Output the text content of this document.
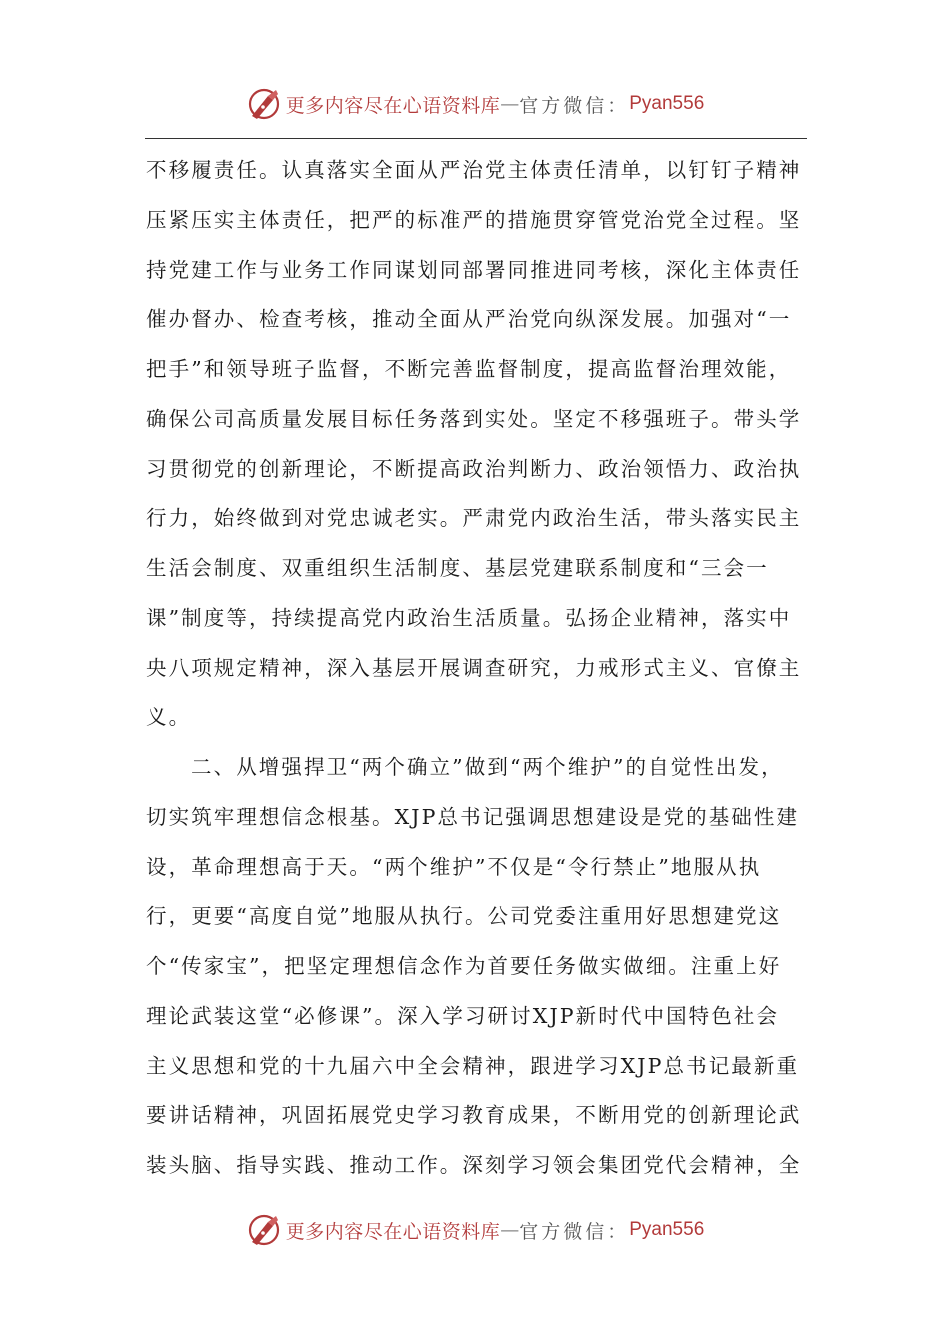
更多内容尽在心语资料库 — 官方微信： Pyan556
不移履责任。认真落实全面从严治党主体责任清单，以钉钉子精神
压紧压实主体责任，把严的标准严的措施贯穿管党治党全过程。坚
持党建工作与业务工作同谋划同部署同推进同考核，深化主体责任
催办督办、检查考核，推动全面从严治党向纵深发展。加强对“一
把手”和领导班子监督，不断完善监督制度，提高监督治理效能，
确保公司高质量发展目标任务落到实处。坚定不移强班子。带头学
习贯彻党的创新理论，不断提高政治判断力、政治领悟力、政治执
行力，始终做到对党忠诚老实。严肃党内政治生活，带头落实民主
生活会制度、双重组织生活制度、基层党建联系制度和“三会一
课”制度等，持续提高党内政治生活质量。弘扬企业精神，落实中
央八项规定精神，深入基层开展调查研究，力戒形式主义、官僚主
义。
二、从增强捍卫“两个确立”做到“两个维护”的自觉性出发，
切实筑牢理想信念根基。XJP总书记强调思想建设是党的基础性建
设，革命理想高于天。“两个维护”不仅是“令行禁止”地服从执
行，更要“高度自觉”地服从执行。公司党委注重用好思想建党这
个“传家宝”，把坚定理想信念作为首要任务做实做细。注重上好
理论武装这堂“必修课”。深入学习研讨XJP新时代中国特色社会
主义思想和党的十九届六中全会精神，跟进学习XJP总书记最新重
要讲话精神，巩固拓展党史学习教育成果，不断用党的创新理论武
装头脑、指导实践、推动工作。深刻学习领会集团党代会精神，全
更多内容尽在心语资料库 — 官方微信： Pyan556
